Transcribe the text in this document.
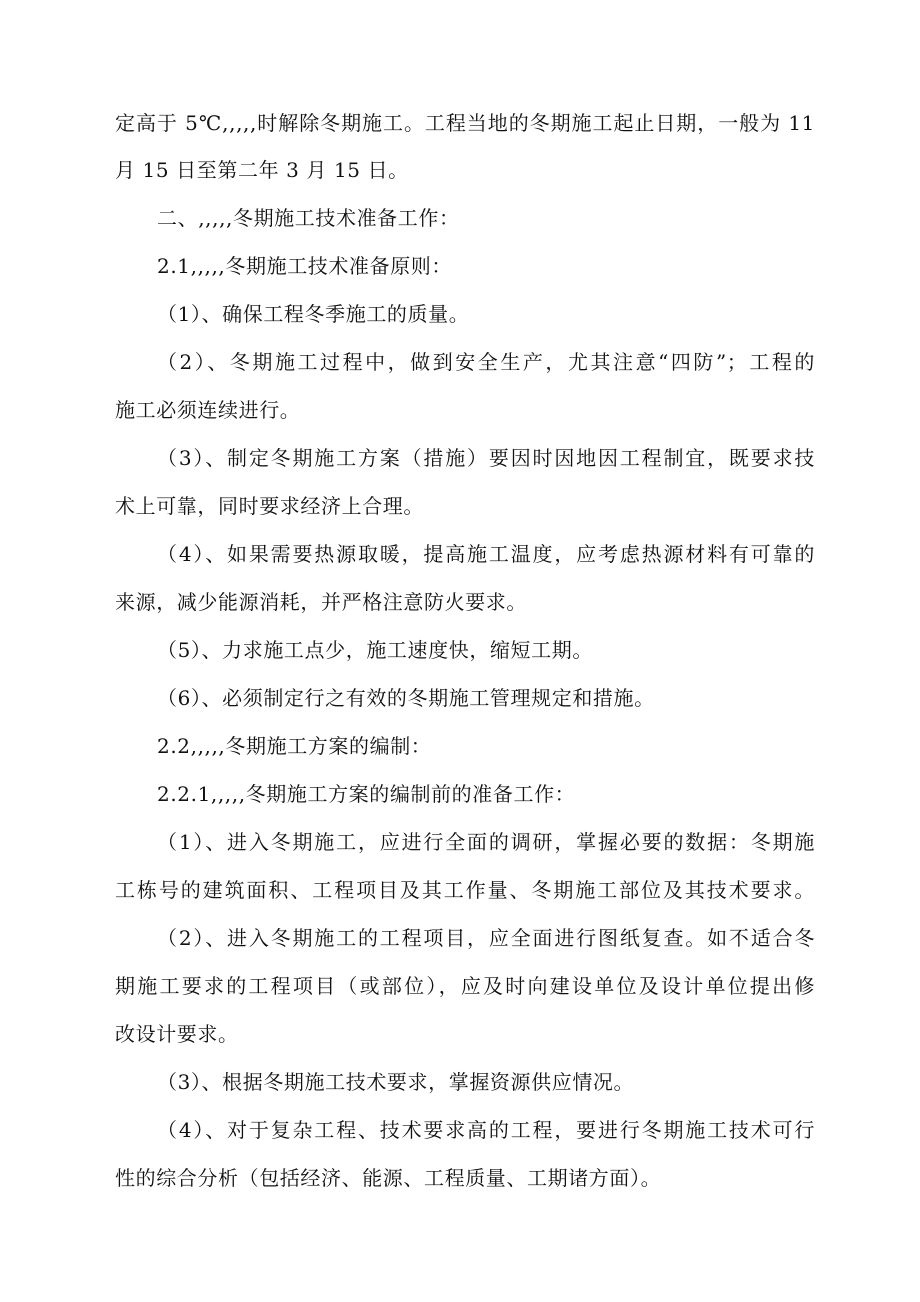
定高于 5℃,,,,,时解除冬期施工。工程当地的冬期施工起止日期，一般为 11
月 15 日至第二年 3 月 15 日。
二、,,,,,冬期施工技术准备工作：
2.1,,,,,冬期施工技术准备原则：
（1）、确保工程冬季施工的质量。
（2）、冬期施工过程中，做到安全生产，尤其注意“四防”；工程的
施工必须连续进行。
（3）、制定冬期施工方案（措施）要因时因地因工程制宜，既要求技
术上可靠，同时要求经济上合理。
（4）、如果需要热源取暖，提高施工温度，应考虑热源材料有可靠的
来源，减少能源消耗，并严格注意防火要求。
（5）、力求施工点少，施工速度快，缩短工期。
（6）、必须制定行之有效的冬期施工管理规定和措施。
2.2,,,,,冬期施工方案的编制：
2.2.1,,,,,冬期施工方案的编制前的准备工作：
（1）、进入冬期施工，应进行全面的调研，掌握必要的数据：冬期施
工栋号的建筑面积、工程项目及其工作量、冬期施工部位及其技术要求。
（2）、进入冬期施工的工程项目，应全面进行图纸复查。如不适合冬
期施工要求的工程项目（或部位），应及时向建设单位及设计单位提出修
改设计要求。
（3）、根据冬期施工技术要求，掌握资源供应情况。
（4）、对于复杂工程、技术要求高的工程，要进行冬期施工技术可行
性的综合分析（包括经济、能源、工程质量、工期诸方面）。
